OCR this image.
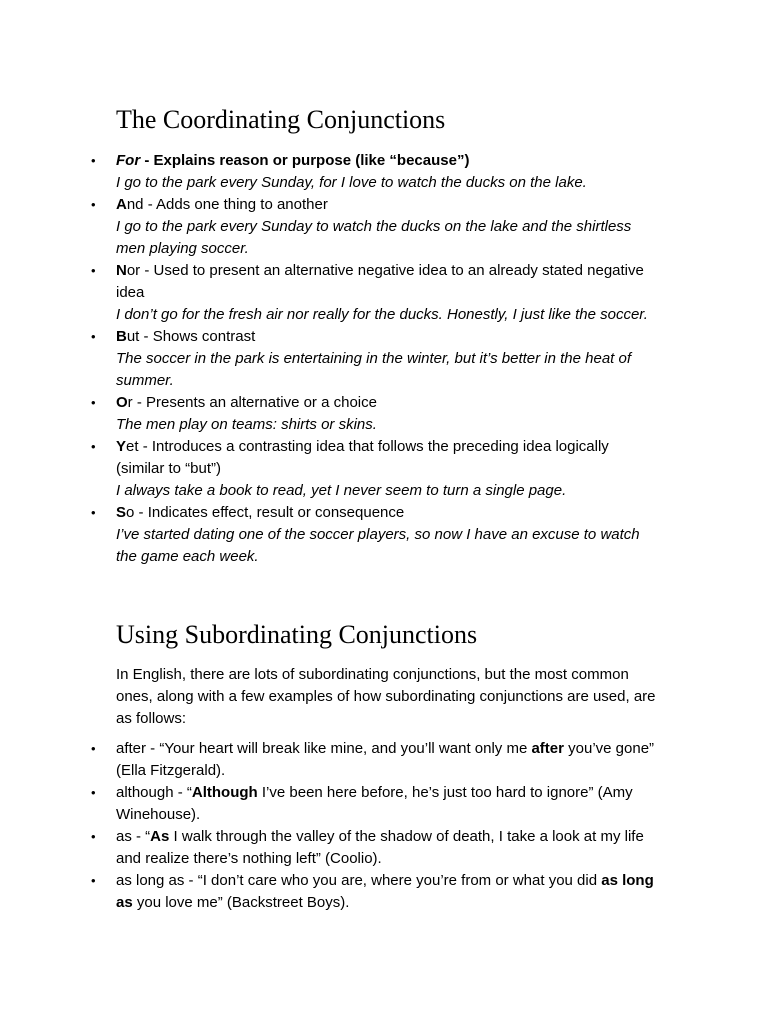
The Coordinating Conjunctions
• For - Explains reason or purpose (like “because”)
I go to the park every Sunday, for I love to watch the ducks on the lake.
• And - Adds one thing to another
I go to the park every Sunday to watch the ducks on the lake and the shirtless men playing soccer.
• Nor - Used to present an alternative negative idea to an already stated negative idea
I don’t go for the fresh air nor really for the ducks. Honestly, I just like the soccer.
• But - Shows contrast
The soccer in the park is entertaining in the winter, but it’s better in the heat of summer.
• Or - Presents an alternative or a choice
The men play on teams: shirts or skins.
• Yet - Introduces a contrasting idea that follows the preceding idea logically (similar to “but”)
I always take a book to read, yet I never seem to turn a single page.
• So - Indicates effect, result or consequence
I’ve started dating one of the soccer players, so now I have an excuse to watch the game each week.
Using Subordinating Conjunctions

In English, there are lots of subordinating conjunctions, but the most common ones, along with a few examples of how subordinating conjunctions are used, are as follows:

• after - “Your heart will break like mine, and you’ll want only me after you’ve gone” (Ella Fitzgerald).
• although - “Although I’ve been here before, he’s just too hard to ignore” (Amy Winehouse).
• as - “As I walk through the valley of the shadow of death, I take a look at my life and realize there’s nothing left” (Coolio).
• as long as - “I don’t care who you are, where you’re from or what you did as long as you love me” (Backstreet Boys).
